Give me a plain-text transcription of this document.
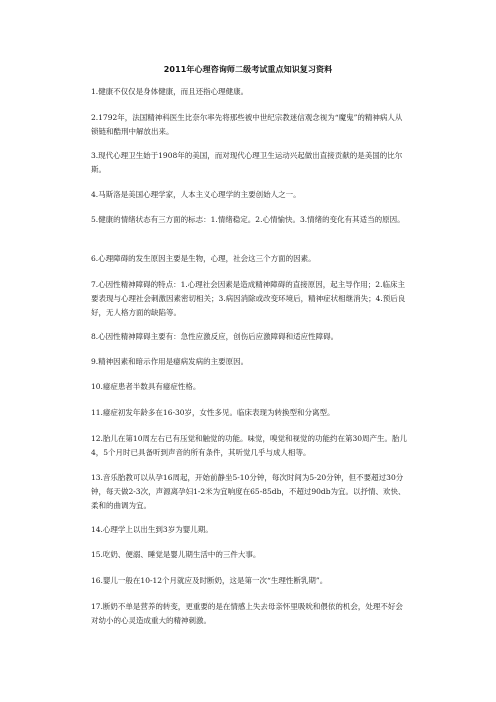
2011年心理咨询师二级考试重点知识复习资料

1.健康不仅仅是身体健康，而且还指心理健康。

2.1792年，法国精神科医生比奈尔率先将那些被中世纪宗教迷信观念视为“魔鬼”的精神病人从锁链和酷刑中解放出来。

3.现代心理卫生始于1908年的美国，而对现代心理卫生运动兴起做出直接贡献的是美国的比尔斯。

4.马斯洛是美国心理学家，人本主义心理学的主要创始人之一。

5.健康的情绪状态有三方面的标志：1.情绪稳定。2.心情愉快。3.情绪的变化有其适当的原因。

6.心理障碍的发生原因主要是生物，心理，社会这三个方面的因素。

7.心因性精神障碍的特点：1.心理社会因素是造成精神障碍的直接原因，起主导作用；2.临床主要表现与心理社会刺激因素密切相关；3.病因消除或改变环境后，精神症状相继消失；4.预后良好，无人格方面的缺陷等。

8.心因性精神障碍主要有：急性应激反应，创伤后应激障碍和适应性障碍。

9.精神因素和暗示作用是癔病发病的主要原因。

10.癔症患者半数具有癔症性格。

11.癔症初发年龄多在16-30岁，女性多见。临床表现为转换型和分离型。

12.胎儿在第10周左右已有压觉和触觉的功能。味觉，嗅觉和视觉的功能约在第30周产生。胎儿4，5个月时已具备听到声音的所有条件，其听觉几乎与成人相等。

13.音乐胎教可以从孕16周起，开始前静坐5-10分钟，每次时间为5-20分钟，但不要超过30分钟，每天做2-3次，声源离孕妇1-2米为宜响度在65-85db，不超过90db为宜。以抒情、欢快、柔和的曲调为宜。

14.心理学上以出生到3岁为婴儿期。

15.吃奶、便溺、睡觉是婴儿期生活中的三件大事。

16.婴儿一般在10-12个月就应及时断奶，这是第一次“生理性断乳期”。

17.断奶不单是营养的转变，更重要的是在情感上失去母亲怀里吸吮和偎依的机会，处理不好会对幼小的心灵造成重大的精神刺激。
